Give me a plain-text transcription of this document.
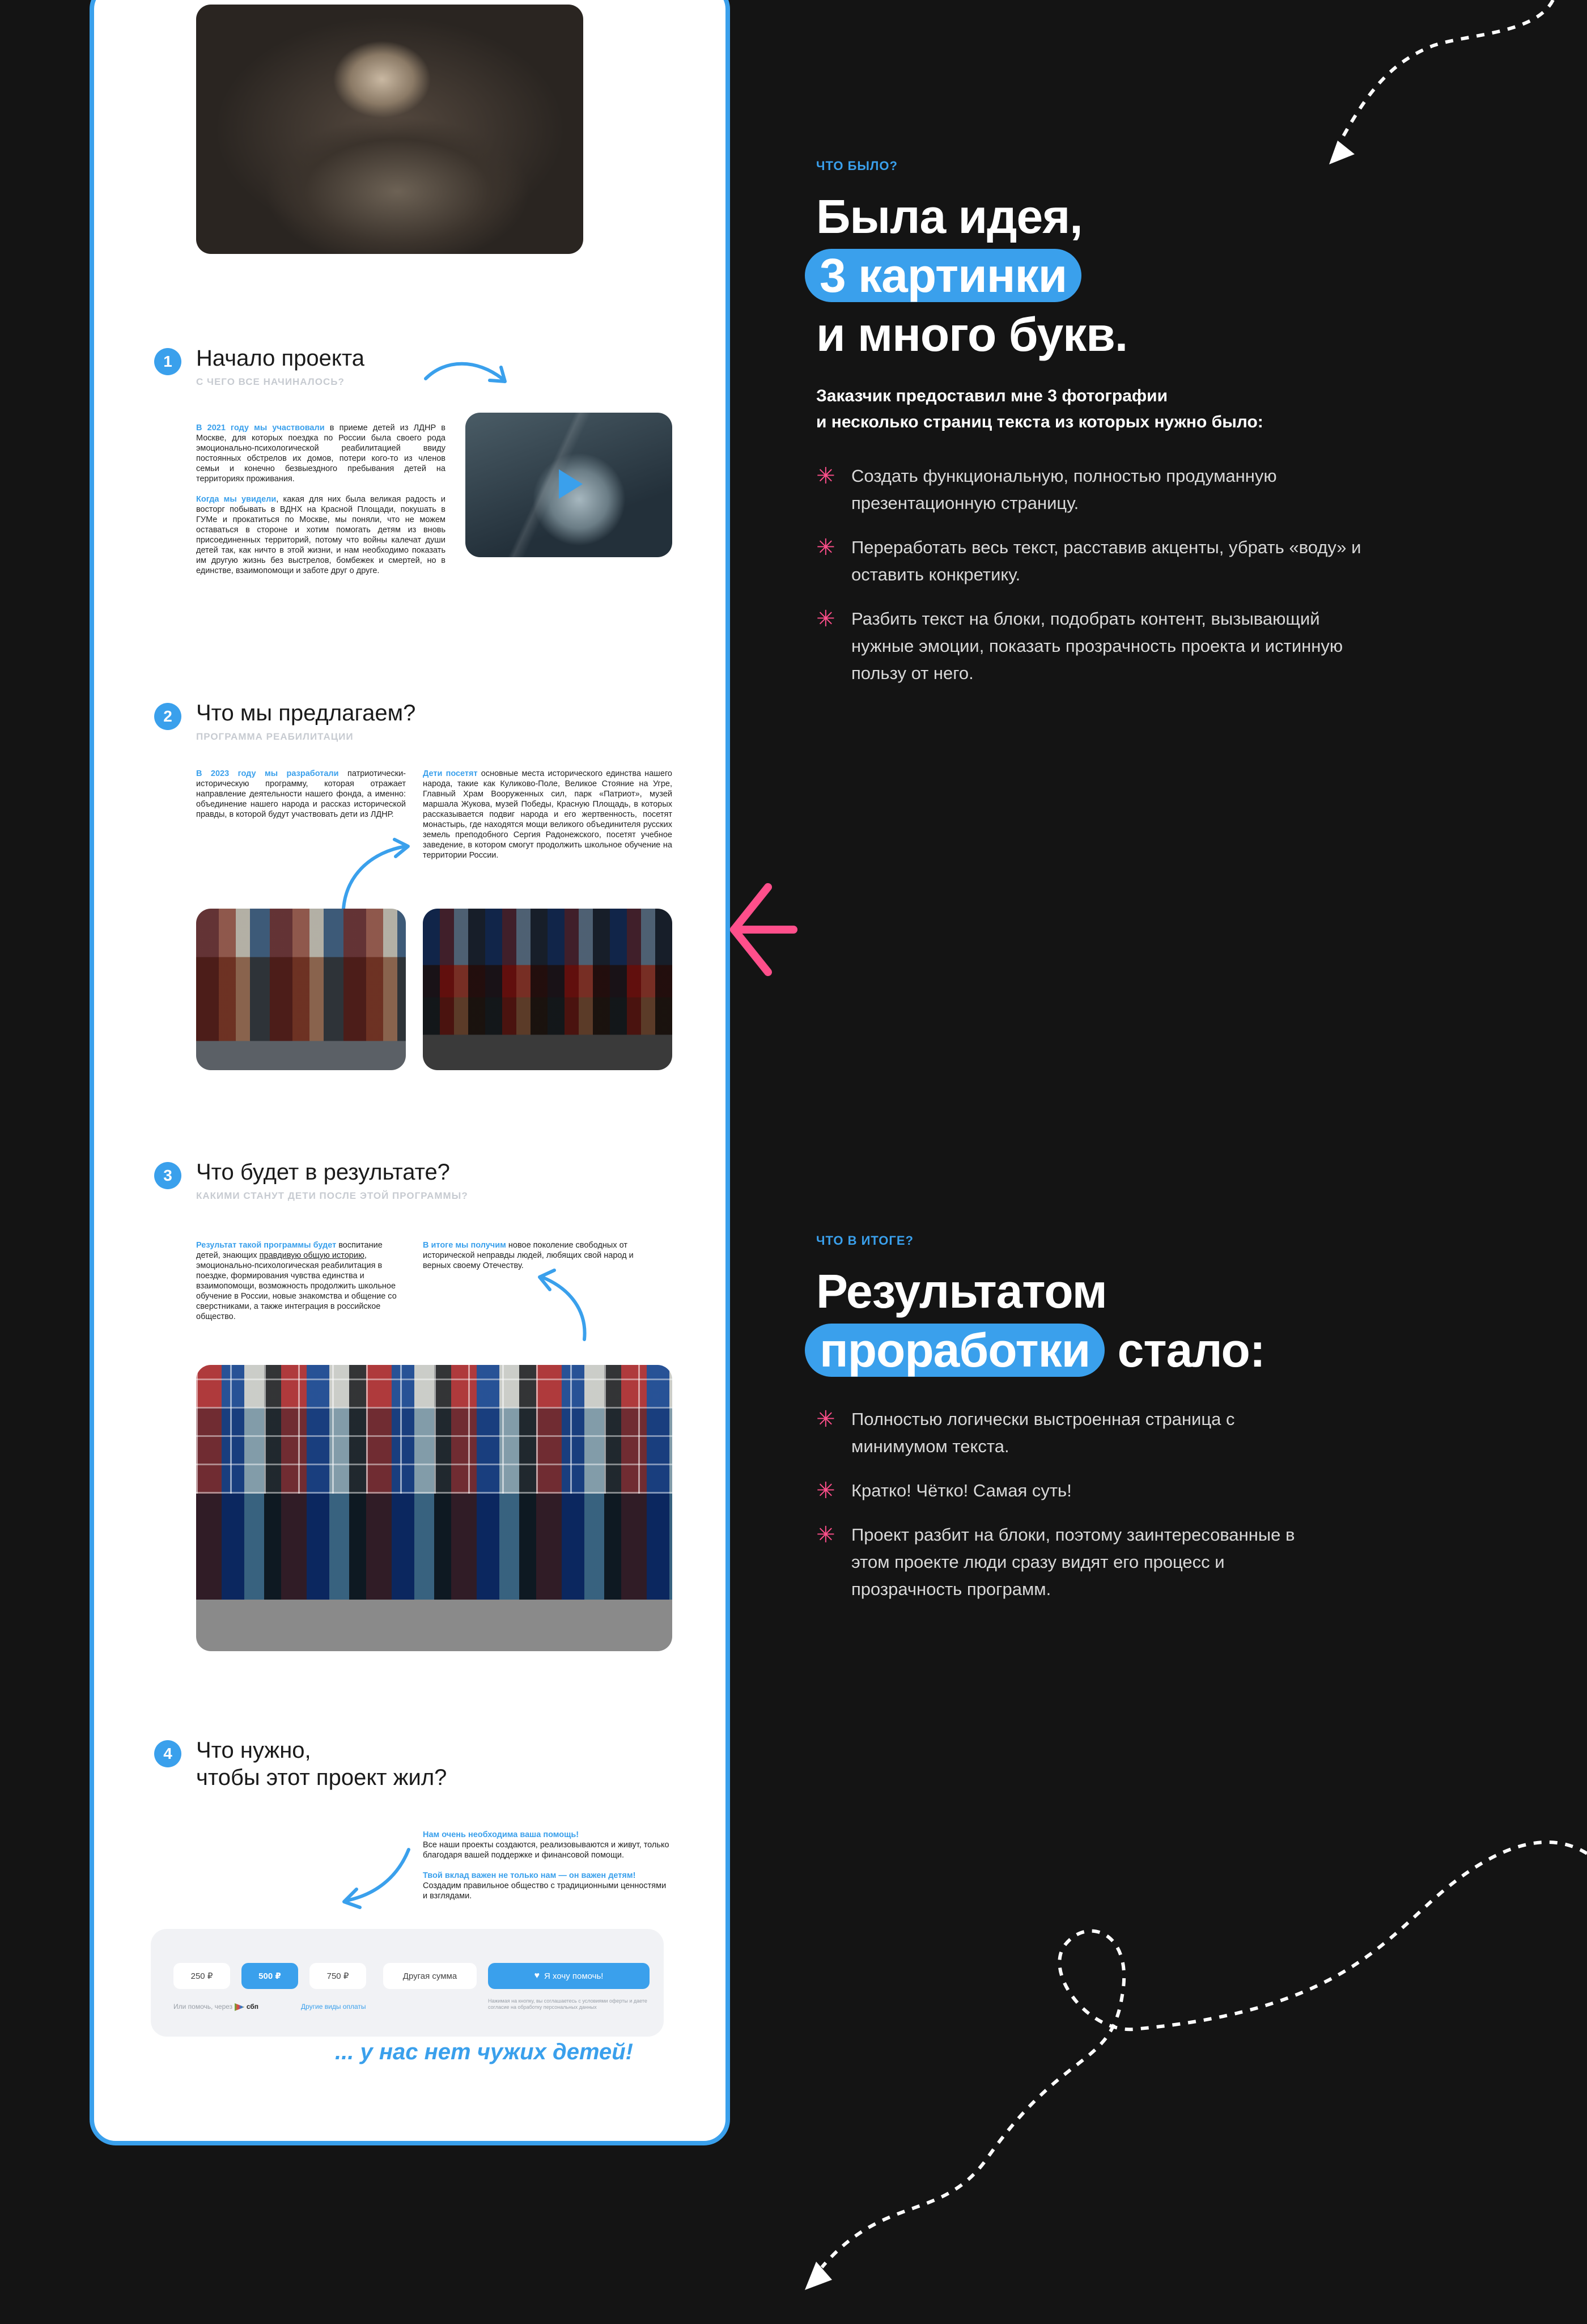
1	Начало проекта
С ЧЕГО ВСЕ НАЧИНАЛОСЬ?
В 2021 году мы участвовали в приеме детей из ЛДНР в Москве, для которых поездка по России была своего рода эмоционально-психологической реабилитацией ввиду постоянных обстрелов их домов, потери кого-то из членов семьи и конечно безвыездного пребывания детей на территориях проживания.

Когда мы увидели, какая для них была великая радость и восторг побывать в ВДНХ на Красной Площади, покушать в ГУМе и прокатиться по Москве, мы поняли, что не можем оставаться в стороне и хотим помогать детям из вновь присоединенных территорий, потому что войны калечат души детей так, как ничто в этой жизни, и нам необходимо показать им другую жизнь без выстрелов, бомбежек и смертей, но в единстве, взаимопомощи и заботе друг о друге.
2	Что мы предлагаем?
ПРОГРАММА РЕАБИЛИТАЦИИ
В 2023 году мы разработали патриотически-историческую программу, которая отражает направление деятельности нашего фонда, а именно: объединение нашего народа и рассказ исторической правды, в которой будут участвовать дети из ЛДНР.
Дети посетят основные места исторического единства нашего народа, такие как Куликово-Поле, Великое Стояние на Угре, Главный Храм Вооруженных сил, парк «Патриот», музей маршала Жукова, музей Победы, Красную Площадь, в которых рассказывается подвиг народа и его жертвенность, посетят монастырь, где находятся мощи великого объединителя русских земель преподобного Сергия Радонежского, посетят учебное заведение, в котором смогут продолжить школьное обучение на территории России.
3	Что будет в результате?
КАКИМИ СТАНУТ ДЕТИ ПОСЛЕ ЭТОЙ ПРОГРАММЫ?
Результат такой программы будет воспитание детей, знающих правдивую общую историю, эмоционально-психологическая реабилитация в поездке, формирования чувства единства и взаимопомощи, возможность продолжить школьное обучение в России, новые знакомства и общение со сверстниками, а также интеграция в российское общество.
В итоге мы получим новое поколение свободных от исторической неправды людей, любящих свой народ и верных своему Отечеству.
4	Что нужно,
чтобы этот проект жил?
Нам очень необходима ваша помощь!
Все наши проекты создаются, реализовываются и живут, только благодаря вашей поддержке и финансовой помощи.

Твой вклад важен не только нам — он важен детям!
Создадим правильное общество с традиционными ценностями и взглядами.
250 ₽	500 ₽	750 ₽	Другая сумма	♥ Я хочу помочь!
Или помочь, через сбп	Другие виды оплаты
Нажимая на кнопку, вы соглашаетесь с условиями оферты и даете согласие на обработку персональных данных
... у нас нет чужих детей!
ЧТО БЫЛО?
Была идея,
3 картинки
и много букв.
Заказчик предоставил мне 3 фотографии
и несколько страниц текста из которых нужно было:
✳ Создать функциональную, полностью продуманную презентационную страницу.
✳ Переработать весь текст, расставив акценты, убрать «воду» и оставить конкретику.
✳ Разбить текст на блоки, подобрать контент, вызывающий нужные эмоции, показать прозрачность проекта и истинную пользу от него.
ЧТО В ИТОГЕ?
Результатом
проработки стало:
✳ Полностью логически выстроенная страница с минимумом текста.
✳ Кратко! Чётко! Самая суть!
✳ Проект разбит на блоки, поэтому заинтересованные в этом проекте люди сразу видят его процесс и прозрачность программ.
